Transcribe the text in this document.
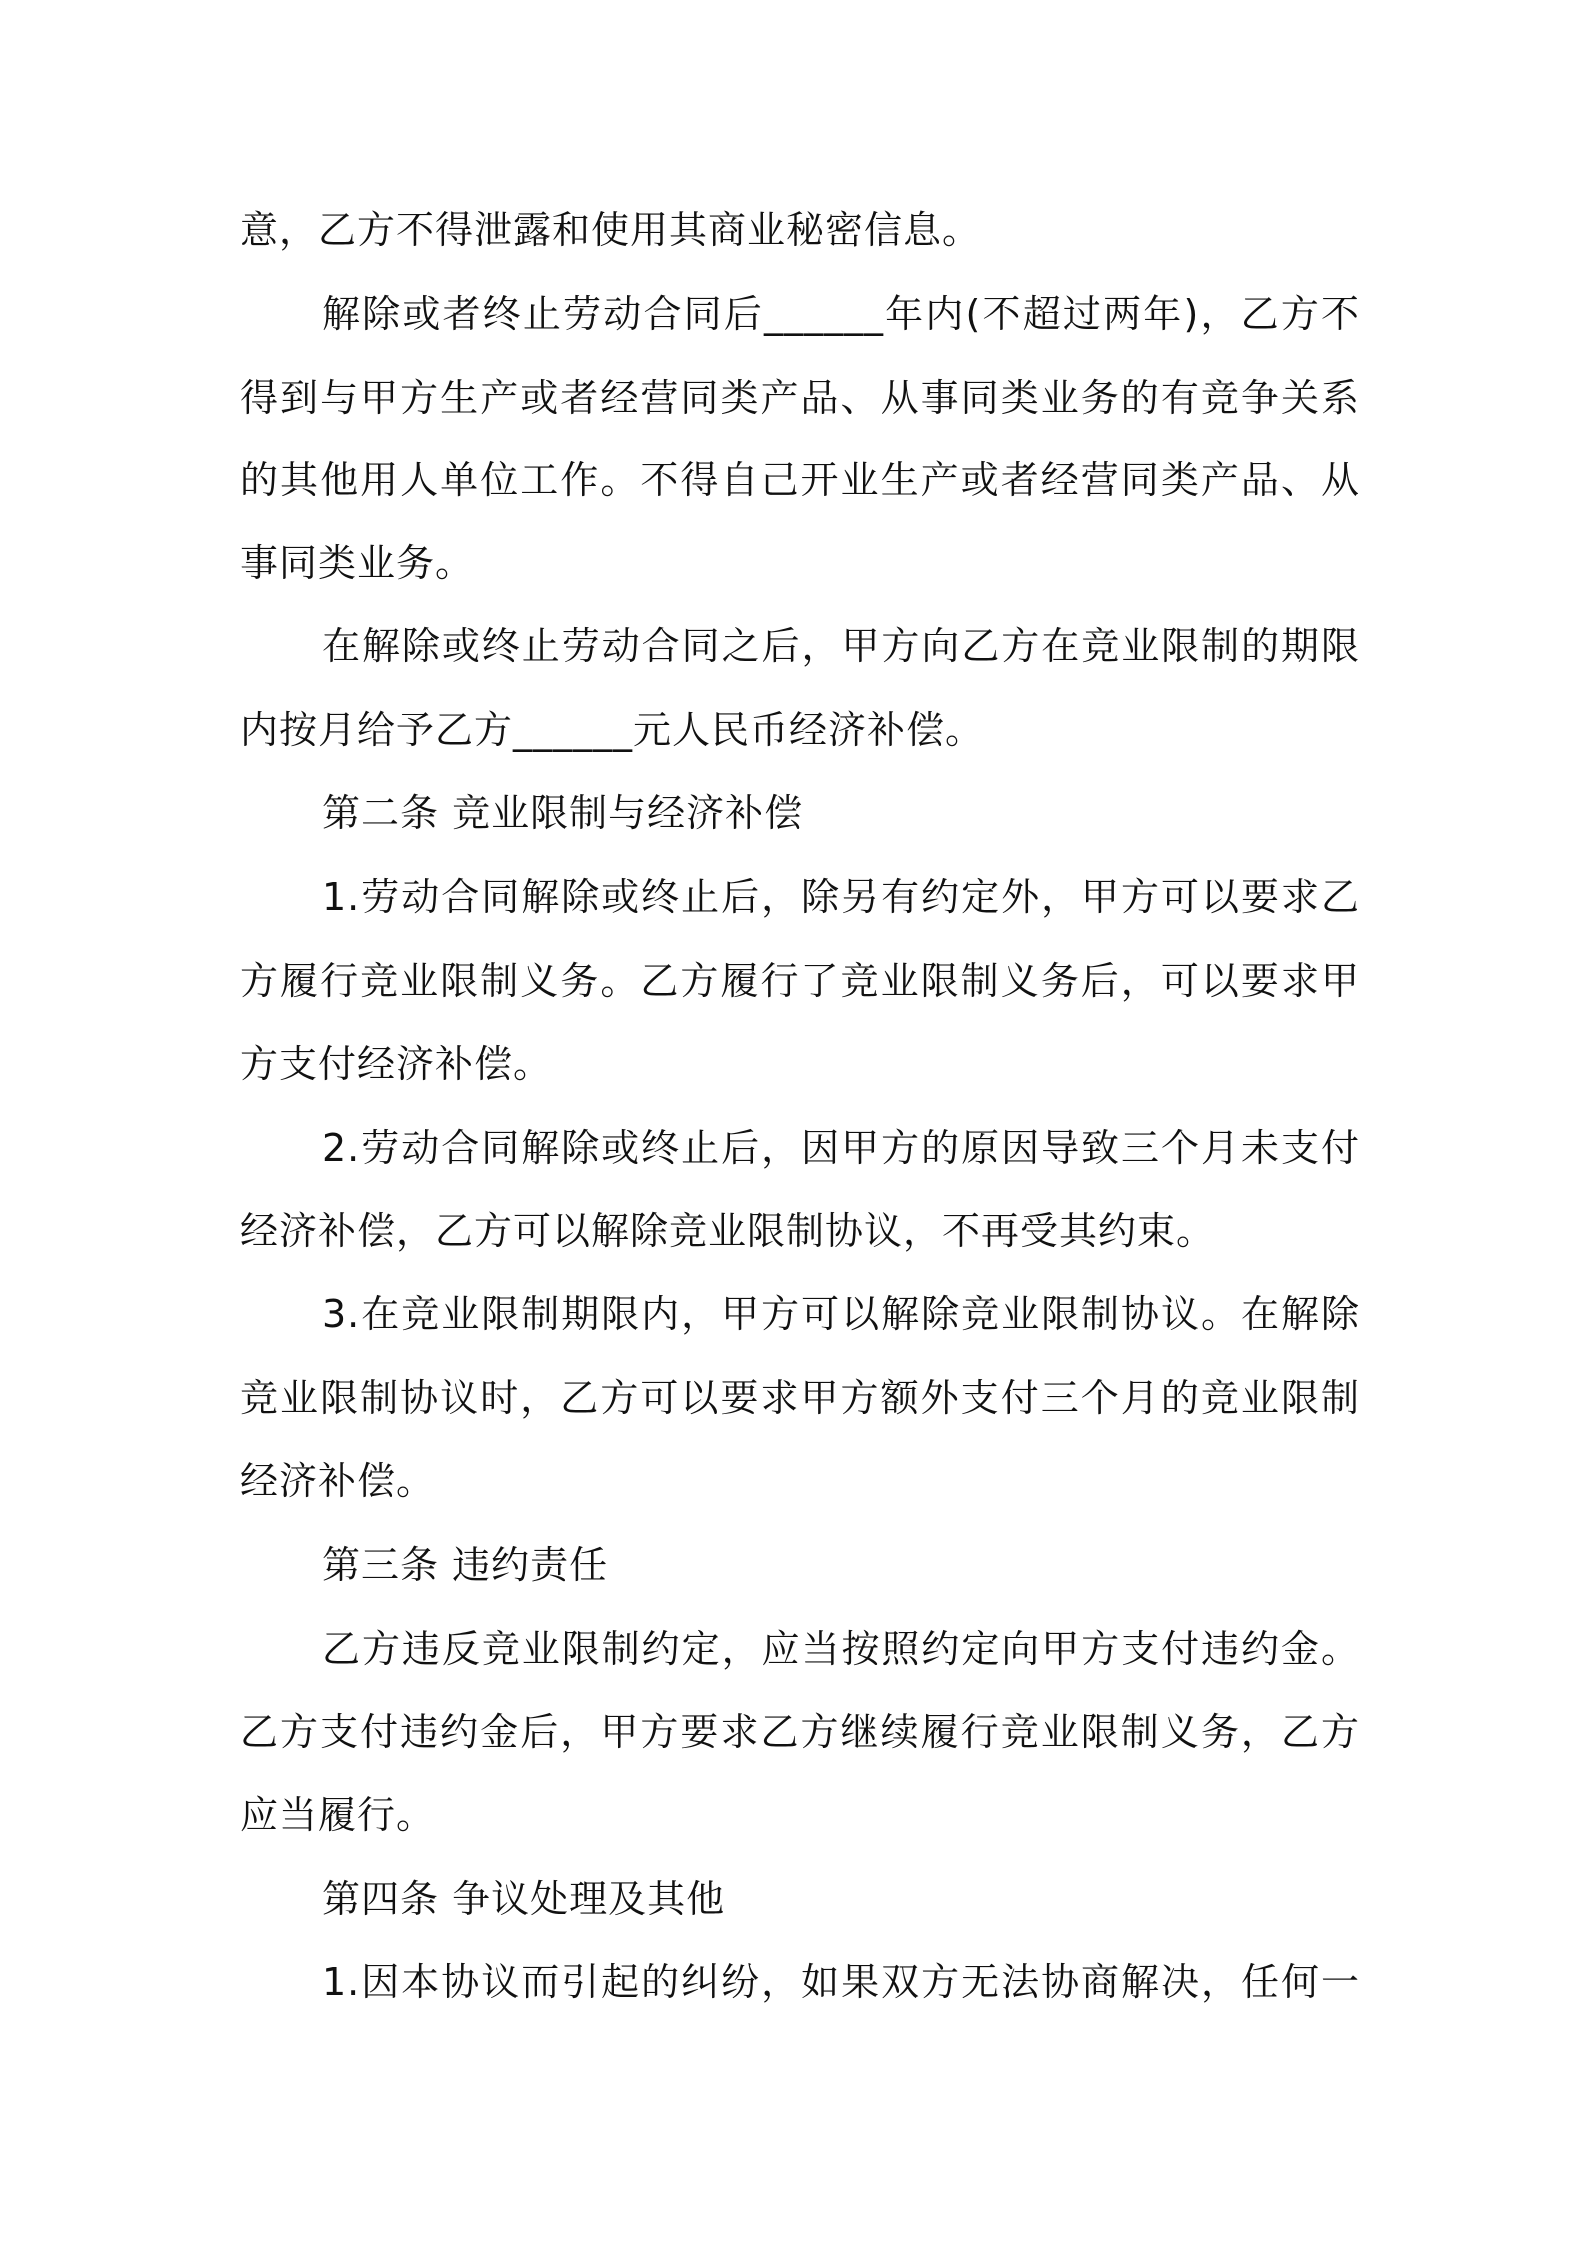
意，乙方不得泄露和使用其商业秘密信息。
解除或者终止劳动合同后______年内(不超过两年)，乙方不
得到与甲方生产或者经营同类产品、从事同类业务的有竞争关系
的其他用人单位工作。不得自己开业生产或者经营同类产品、从
事同类业务。
在解除或终止劳动合同之后，甲方向乙方在竞业限制的期限
内按月给予乙方______元人民币经济补偿。
第二条 竞业限制与经济补偿
1.劳动合同解除或终止后，除另有约定外，甲方可以要求乙
方履行竞业限制义务。乙方履行了竞业限制义务后，可以要求甲
方支付经济补偿。
2.劳动合同解除或终止后，因甲方的原因导致三个月未支付
经济补偿，乙方可以解除竞业限制协议，不再受其约束。
3.在竞业限制期限内，甲方可以解除竞业限制协议。在解除
竞业限制协议时，乙方可以要求甲方额外支付三个月的竞业限制
经济补偿。
第三条 违约责任
乙方违反竞业限制约定，应当按照约定向甲方支付违约金。
乙方支付违约金后，甲方要求乙方继续履行竞业限制义务，乙方
应当履行。
第四条 争议处理及其他
1.因本协议而引起的纠纷，如果双方无法协商解决，任何一
